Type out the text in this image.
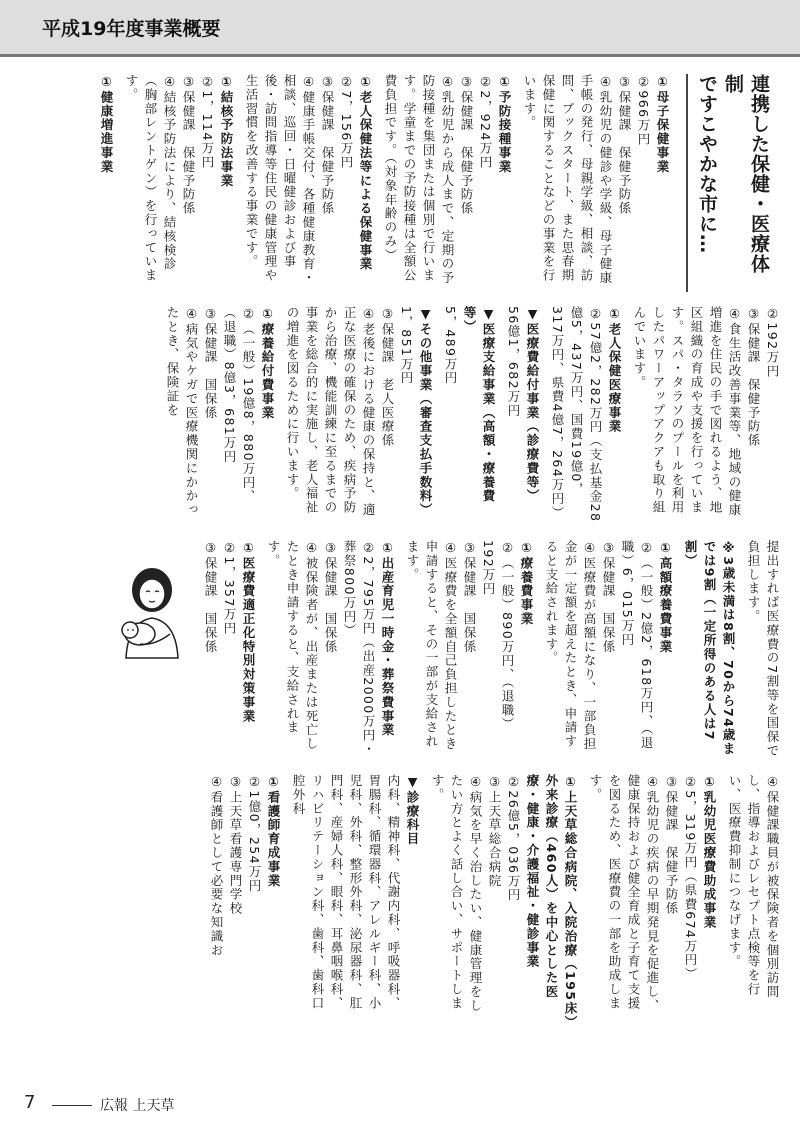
平成19年度事業概要
連携した保健・医療体制
ですこやかな市に…
①母子保健事業
②966万円
③保健課　保健予防係
④乳幼児の健診や学級、母子健康手帳の発行、母親学級、相談、訪問、ブックスタート、また思春期保健に関することなどの事業を行います。
①予防接種事業
②2，924万円
③保健課　保健予防係
④乳幼児から成人まで、定期の予防接種を集団または個別で行います。学童までの予防接種は全額公費負担です。（対象年齢のみ）
①老人保健法等による保健事業
②7，156万円
③保健課　保健予防係
④健康手帳交付、各種健康教育・相談、巡回・日曜健診および事後・訪問指導等住民の健康管理や生活習慣を改善する事業です。
①結核予防法事業
②1，114万円
③保健課　保健予防係
④結核予防法により、結核検診（胸部レントゲン）を行っています。
①健康増進事業
②192万円
③保健課　保健予防係
④食生活改善事業等、地域の健康増進を住民の手で図れるよう、地区組織の育成や支援を行っています。スパ・タラソのプールを利用したパワーアップアクアも取り組んでいます。
①老人保健医療事業
②57億2，282万円（支払基金28億5，437万円、国費19億0，317万円、県費4億7，264万円）
▼医療費給付事業（診療費等）
56億1，682万円
▼医療支給事業（高額・療養費等）
5，489万円
▼その他事業（審査支払手数料）
1，851万円
③保健課　老人医療係
④老後における健康の保持と、適正な医療の確保のため、疾病予防から治療、機能訓練に至るまでの事業を総合的に実施し、老人福祉の増進を図るために行います。
①療養給付費事業
②（一般）19億8，880万円、（退職）8億3，681万円
③保健課　国保係
④病気やケガで医療機関にかかったとき、保険証を
提出すれば医療費の7割等を国保で負担します。
※3歳未満は8割、70から74歳までは9割（一定所得のある人は7割）
①高額療養費事業
②（一般）2億2，618万円、（退職）6，015万円
③保健課　国保係
④医療費が高額になり、一部負担金が一定額を超えたとき、申請すると支給されます。
①療養費事業
②（一般）890万円、（退職）192万円
③保健課　国保係
④医療費を全額自己負担したとき申請すると、その一部が支給されます。
①出産育児一時金・葬祭費事業
②2，795万円（出産2000万円・葬祭800万円）
③保健課　国保係
④被保険者が、出産または死亡したとき申請すると、支給されます。
①医療費適正化特別対策事業
②1，357万円
③保健課　国保係
④保健課職員が被保険者を個別訪問し、指導およびレセプト点検等を行い、医療費抑制につなげます。
①乳幼児医療費助成事業
②5，319万円（県費674万円）
③保健課　保健予防係
④乳幼児の疾病の早期発見を促進し、健康保持および健全育成と子育て支援を図るため、医療費の一部を助成します。
①上天草総合病院、入院治療（195床）外来診療（460人）を中心とした医療・健康・介護福祉・健診事業
②26億5，036万円
③上天草総合病院
④病気を早く治したい、健康管理をしたい方とよく話し合い、サポートします。
▼診療科目
内科、精神科、代謝内科、呼吸器科、胃腸科、循環器科、アレルギー科、小児科、外科、整形外科、泌尿器科、肛門科、産婦人科、眼科、耳鼻咽喉科、リハビリテーション科、歯科、歯科口腔外科
①看護師育成事業
②1億0，254万円
③上天草看護専門学校
④看護師として必要な知識お
7	広報 上天草
